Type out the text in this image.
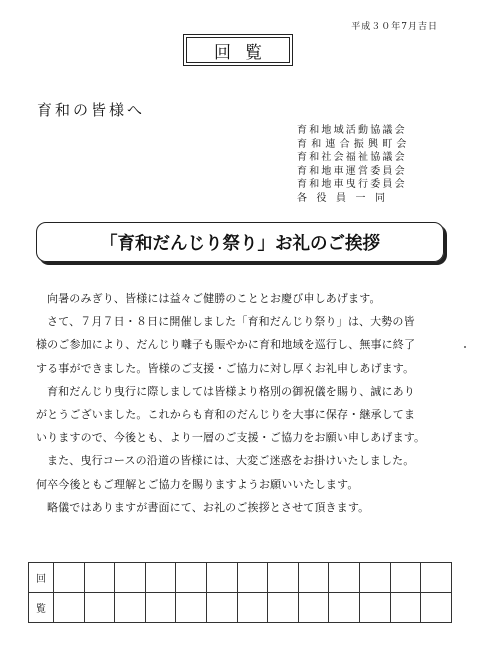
平成３０年7月吉日
回覧
育和の皆様へ
育和地域活動協議会
育和連合振興町会
育和社会福祉協議会
育和地車運営委員会
育和地車曳行委員会
各役員一同
「育和だんじり祭り」お礼のご挨拶

向暑のみぎり、皆様には益々ご健勝のこととお慶び申しあげます。

さて、７月７日・８日に開催しました「育和だんじり祭り」は、大勢の皆

様のご参加により、だんじり囃子も賑やかに育和地域を巡行し、無事に終了

する事ができました。皆様のご支援・ご協力に対し厚くお礼申しあげます。

育和だんじり曳行に際しましては皆様より格別の御祝儀を賜り、誠にあり

がとうございました。これからも育和のだんじりを大事に保存・継承してま

いりますので、今後とも、より一層のご支援・ご協力をお願い申しあげます。

また、曳行コースの沿道の皆様には、大変ご迷惑をお掛けいたしました。

何卒今後ともご理解とご協力を賜りますようお願いいたします。

略儀ではありますが書面にて、お礼のご挨拶とさせて頂きます。

回													
覧													
